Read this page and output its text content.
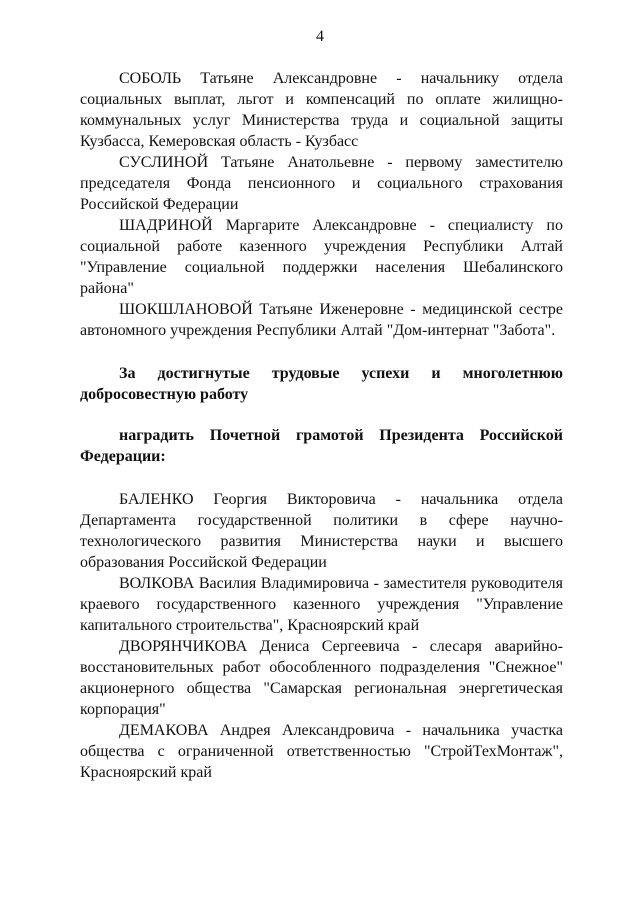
4

СОБОЛЬ Татьяне Александровне - начальнику отдела социальных выплат, льгот и компенсаций по оплате жилищно-коммунальных услуг Министерства труда и социальной защиты Кузбасса, Кемеровская область - Кузбасс

СУСЛИНОЙ Татьяне Анатольевне - первому заместителю председателя Фонда пенсионного и социального страхования Российской Федерации

ШАДРИНОЙ Маргарите Александровне - специалисту по социальной работе казенного учреждения Республики Алтай "Управление социальной поддержки населения Шебалинского района"

ШОКШЛАНОВОЙ Татьяне Иженеровне - медицинской сестре автономного учреждения Республики Алтай "Дом-интернат "Забота".

За достигнутые трудовые успехи и многолетнюю добросовестную работу

наградить Почетной грамотой Президента Российской Федерации:

БАЛЕНКО Георгия Викторовича - начальника отдела Департамента государственной политики в сфере научно-технологического развития Министерства науки и высшего образования Российской Федерации

ВОЛКОВА Василия Владимировича - заместителя руководителя краевого государственного казенного учреждения "Управление капитального строительства", Красноярский край

ДВОРЯНЧИКОВА Дениса Сергеевича - слесаря аварийно-восстановительных работ обособленного подразделения "Снежное" акционерного общества "Самарская региональная энергетическая корпорация"

ДЕМАКОВА Андрея Александровича - начальника участка общества с ограниченной ответственностью "СтройТехМонтаж", Красноярский край
